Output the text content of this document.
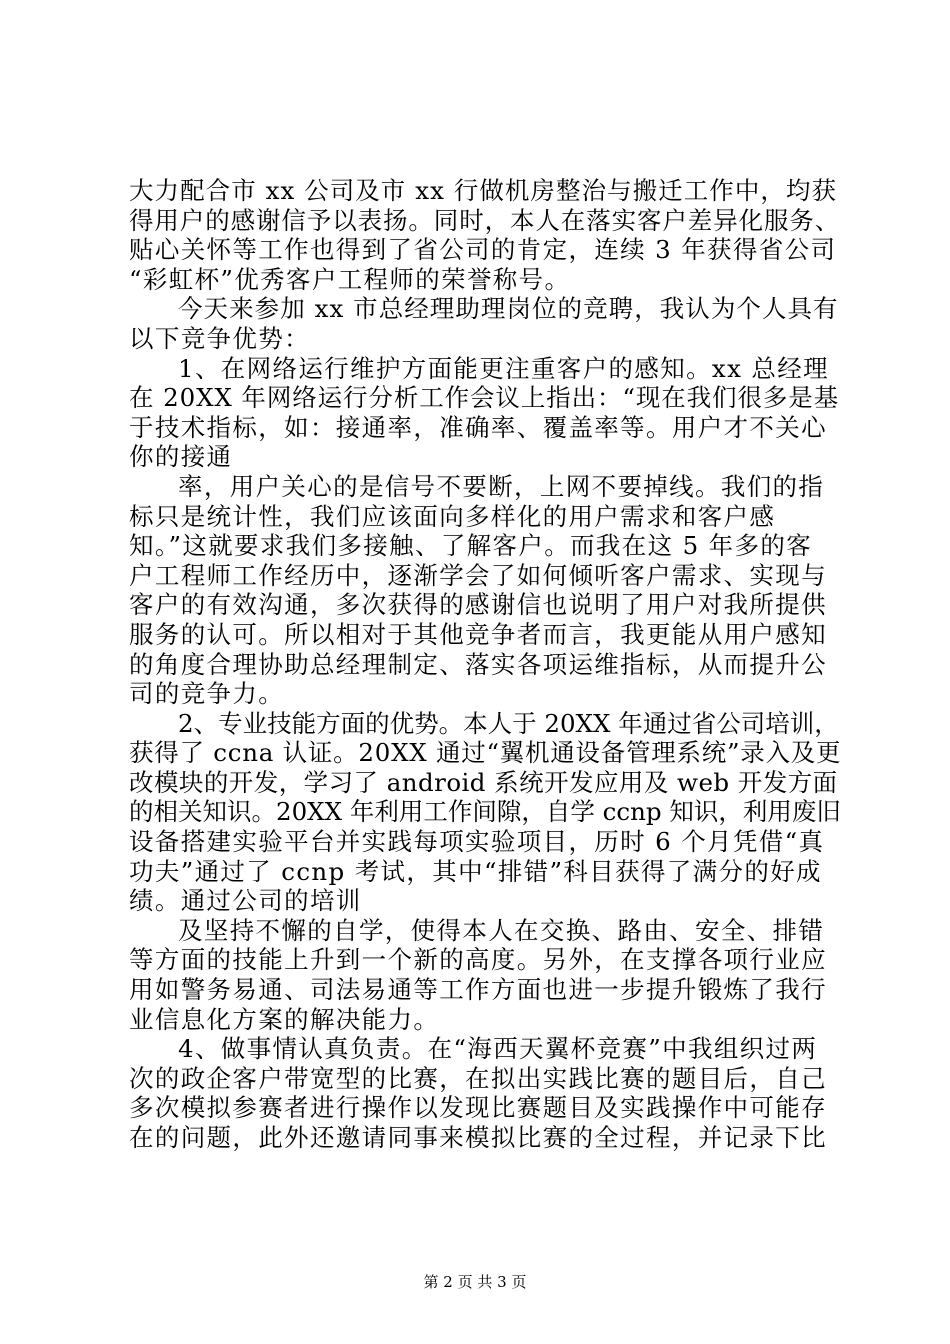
大力配合市 xx 公司及市 xx 行做机房整治与搬迁工作中，均获
得用户的感谢信予以表扬。同时，本人在落实客户差异化服务、
贴心关怀等工作也得到了省公司的肯定，连续 3 年获得省公司
“彩虹杯”优秀客户工程师的荣誉称号。
今天来参加 xx 市总经理助理岗位的竞聘，我认为个人具有
以下竞争优势：
1、在网络运行维护方面能更注重客户的感知。xx 总经理
在 20XX 年网络运行分析工作会议上指出：“现在我们很多是基
于技术指标，如：接通率，准确率、覆盖率等。用户才不关心
你的接通
率，用户关心的是信号不要断，上网不要掉线。我们的指
标只是统计性，我们应该面向多样化的用户需求和客户感
知。”这就要求我们多接触、了解客户。而我在这 5 年多的客
户工程师工作经历中，逐渐学会了如何倾听客户需求、实现与
客户的有效沟通，多次获得的感谢信也说明了用户对我所提供
服务的认可。所以相对于其他竞争者而言，我更能从用户感知
的角度合理协助总经理制定、落实各项运维指标，从而提升公
司的竞争力。
2、专业技能方面的优势。本人于 20XX 年通过省公司培训，
获得了 ccna 认证。20XX 通过“翼机通设备管理系统”录入及更
改模块的开发，学习了 android 系统开发应用及 web 开发方面
的相关知识。20XX 年利用工作间隙，自学 ccnp 知识，利用废旧
设备搭建实验平台并实践每项实验项目，历时 6 个月凭借“真
功夫”通过了 ccnp 考试，其中“排错”科目获得了满分的好成
绩。通过公司的培训
及坚持不懈的自学，使得本人在交换、路由、安全、排错
等方面的技能上升到一个新的高度。另外，在支撑各项行业应
用如警务易通、司法易通等工作方面也进一步提升锻炼了我行
业信息化方案的解决能力。
4、做事情认真负责。在“海西天翼杯竞赛”中我组织过两
次的政企客户带宽型的比赛，在拟出实践比赛的题目后，自己
多次模拟参赛者进行操作以发现比赛题目及实践操作中可能存
在的问题，此外还邀请同事来模拟比赛的全过程，并记录下比
第 2 页 共 3 页
